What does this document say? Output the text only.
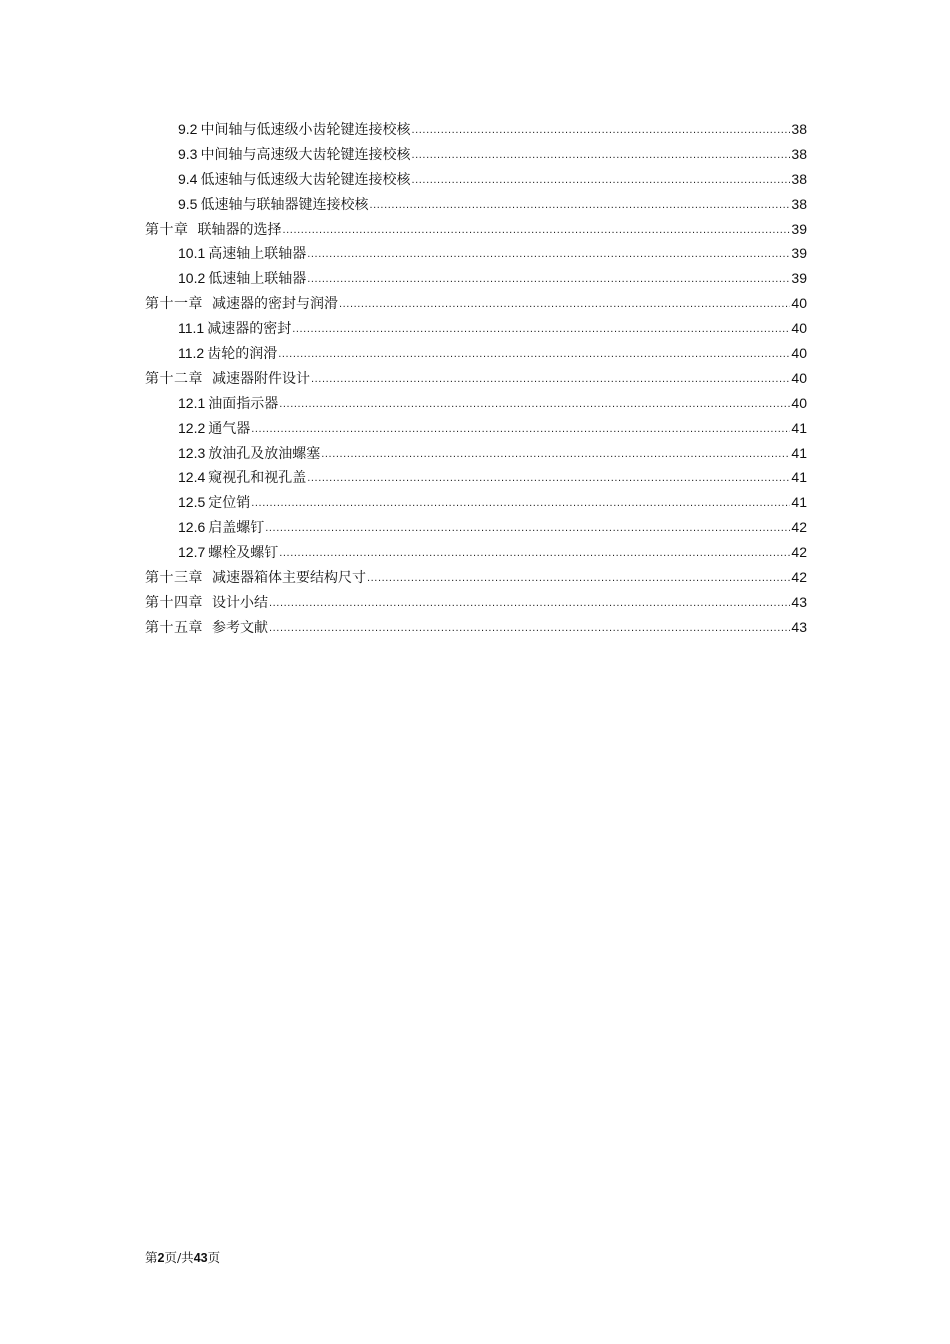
9.2 中间轴与低速级小齿轮键连接校核 .....	38
9.3 中间轴与高速级大齿轮键连接校核 .....	38
9.4 低速轴与低速级大齿轮键连接校核 .....	38
9.5 低速轴与联轴器键连接校核 .....	38
第十章 联轴器的选择 .....	39
10.1 高速轴上联轴器 .....	39
10.2 低速轴上联轴器 .....	39
第十一章 减速器的密封与润滑 .....	40
11.1 减速器的密封 .....	40
11.2 齿轮的润滑 .....	40
第十二章 减速器附件设计 .....	40
12.1 油面指示器 .....	40
12.2 通气器 .....	41
12.3 放油孔及放油螺塞 .....	41
12.4 窥视孔和视孔盖 .....	41
12.5 定位销 .....	41
12.6 启盖螺钉 .....	42
12.7 螺栓及螺钉 .....	42
第十三章 减速器箱体主要结构尺寸 .....	42
第十四章 设计小结 .....	43
第十五章 参考文献 .....	43
第2页/共43页
